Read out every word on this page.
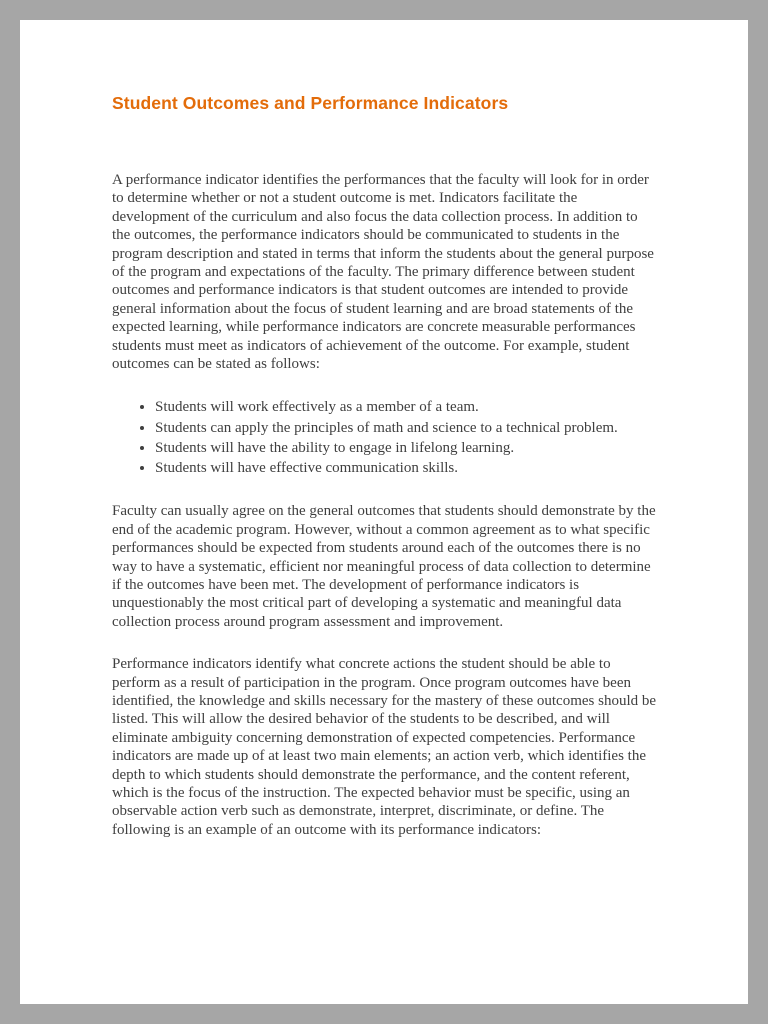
Student Outcomes and Performance Indicators

A performance indicator identifies the performances that the faculty will look for in order to determine whether or not a student outcome is met. Indicators facilitate the development of the curriculum and also focus the data collection process. In addition to the outcomes, the performance indicators should be communicated to students in the program description and stated in terms that inform the students about the general purpose of the program and expectations of the faculty. The primary difference between student outcomes and performance indicators is that student outcomes are intended to provide general information about the focus of student learning and are broad statements of the expected learning, while performance indicators are concrete measurable performances students must meet as indicators of achievement of the outcome. For example, student outcomes can be stated as follows:

• Students will work effectively as a member of a team.
• Students can apply the principles of math and science to a technical problem.
• Students will have the ability to engage in lifelong learning.
• Students will have effective communication skills.

Faculty can usually agree on the general outcomes that students should demonstrate by the end of the academic program. However, without a common agreement as to what specific performances should be expected from students around each of the outcomes there is no way to have a systematic, efficient nor meaningful process of data collection to determine if the outcomes have been met. The development of performance indicators is unquestionably the most critical part of developing a systematic and meaningful data collection process around program assessment and improvement.

Performance indicators identify what concrete actions the student should be able to perform as a result of participation in the program. Once program outcomes have been identified, the knowledge and skills necessary for the mastery of these outcomes should be listed. This will allow the desired behavior of the students to be described, and will eliminate ambiguity concerning demonstration of expected competencies. Performance indicators are made up of at least two main elements; an action verb, which identifies the depth to which students should demonstrate the performance, and the content referent, which is the focus of the instruction. The expected behavior must be specific, using an observable action verb such as demonstrate, interpret, discriminate, or define. The following is an example of an outcome with its performance indicators:
